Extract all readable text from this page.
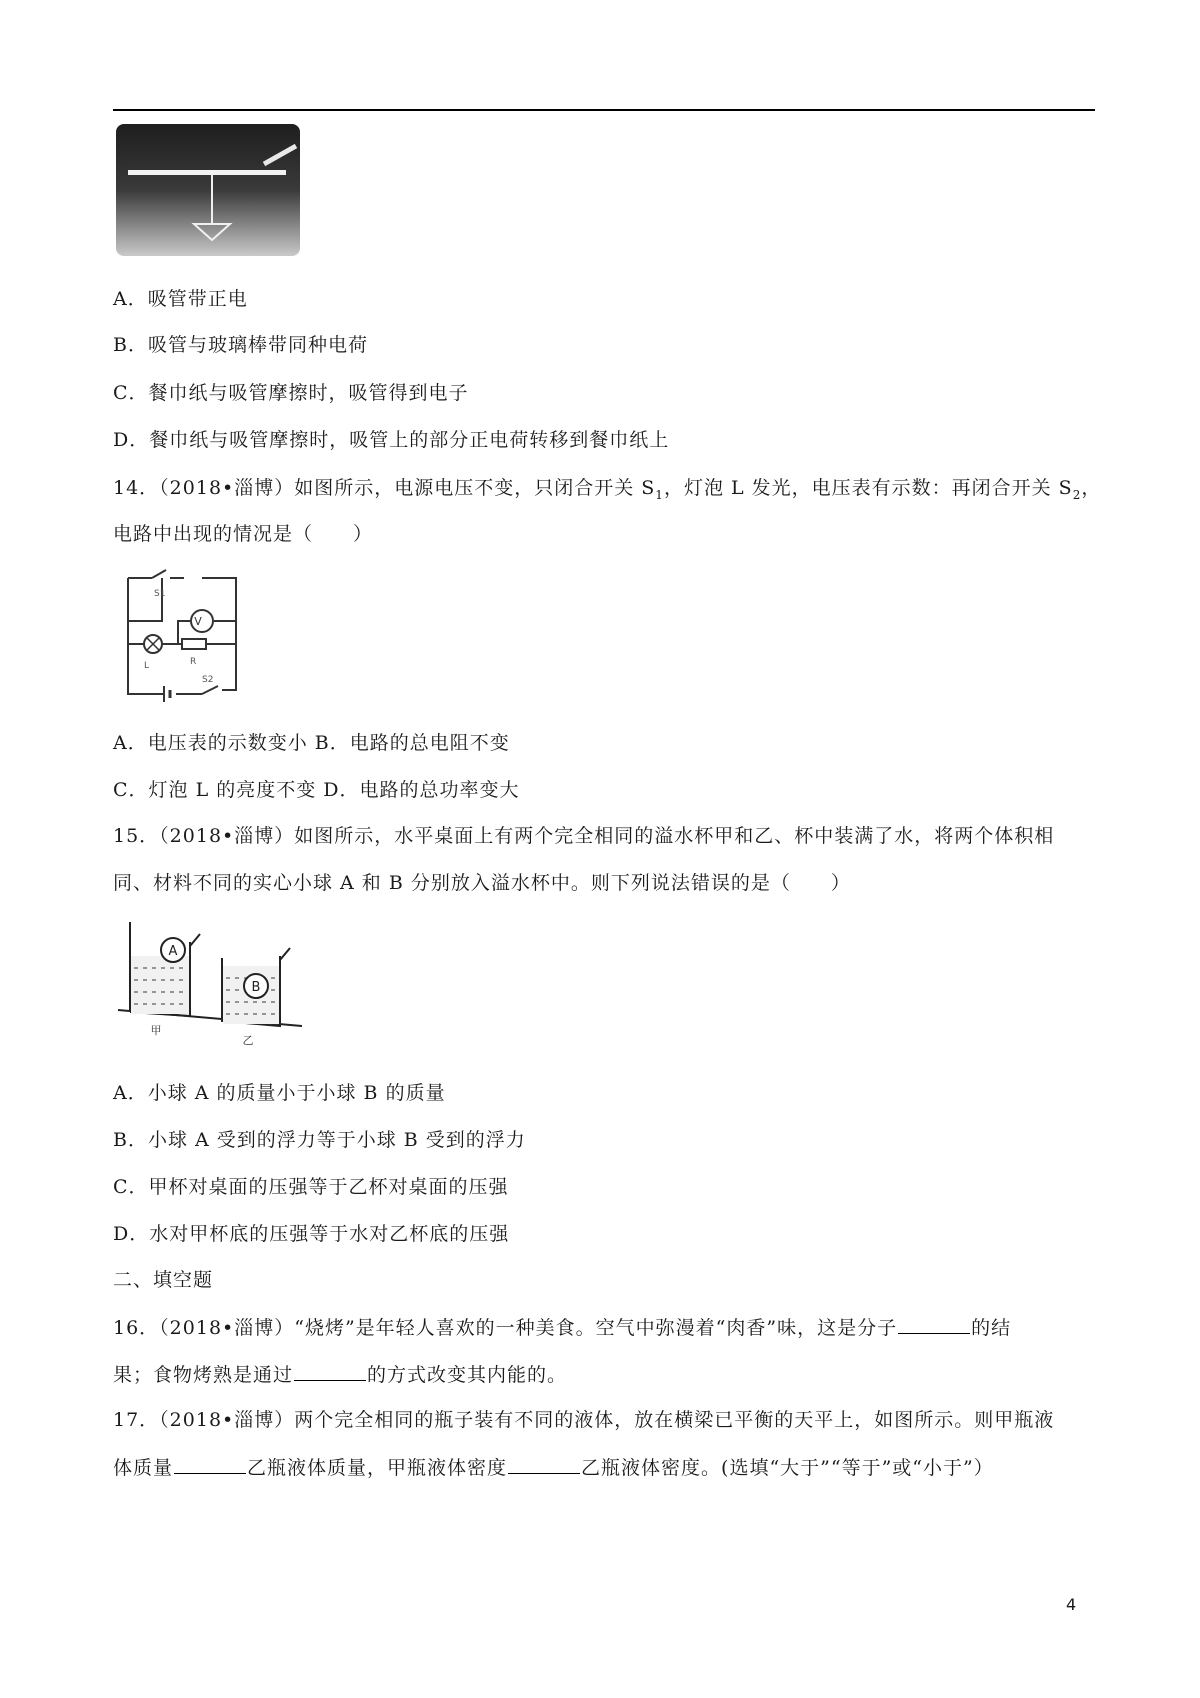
A．吸管带正电
B．吸管与玻璃棒带同种电荷
C．餐巾纸与吸管摩擦时，吸管得到电子
D．餐巾纸与吸管摩擦时，吸管上的部分正电荷转移到餐巾纸上
14．（2018•淄博）如图所示，电源电压不变，只闭合开关 $S_1$，灯泡 L 发光，电压表有示数：再闭合开关 $S_2$，
电路中出现的情况是（　　）
V
S1
L	R
S2
A．电压表的示数变小 B．电路的总电阻不变
C．灯泡 L 的亮度不变 D．电路的总功率变大
15．（2018•淄博）如图所示，水平桌面上有两个完全相同的溢水杯甲和乙、杯中装满了水，将两个体积相
同、材料不同的实心小球 A 和 B 分别放入溢水杯中。则下列说法错误的是（　　）
A
B
甲
乙
A．小球 A 的质量小于小球 B 的质量
B．小球 A 受到的浮力等于小球 B 受到的浮力
C．甲杯对桌面的压强等于乙杯对桌面的压强
D．水对甲杯底的压强等于水对乙杯底的压强
二、填空题
16．（2018•淄博）“烧烤”是年轻人喜欢的一种美食。空气中弥漫着“肉香”味，这是分子	的结
果；食物烤熟是通过	的方式改变其内能的。
17．（2018•淄博）两个完全相同的瓶子装有不同的液体，放在横梁已平衡的天平上，如图所示。则甲瓶液
体质量	乙瓶液体质量，甲瓶液体密度	乙瓶液体密度。(选填“大于”“等于”或“小于”）
4
